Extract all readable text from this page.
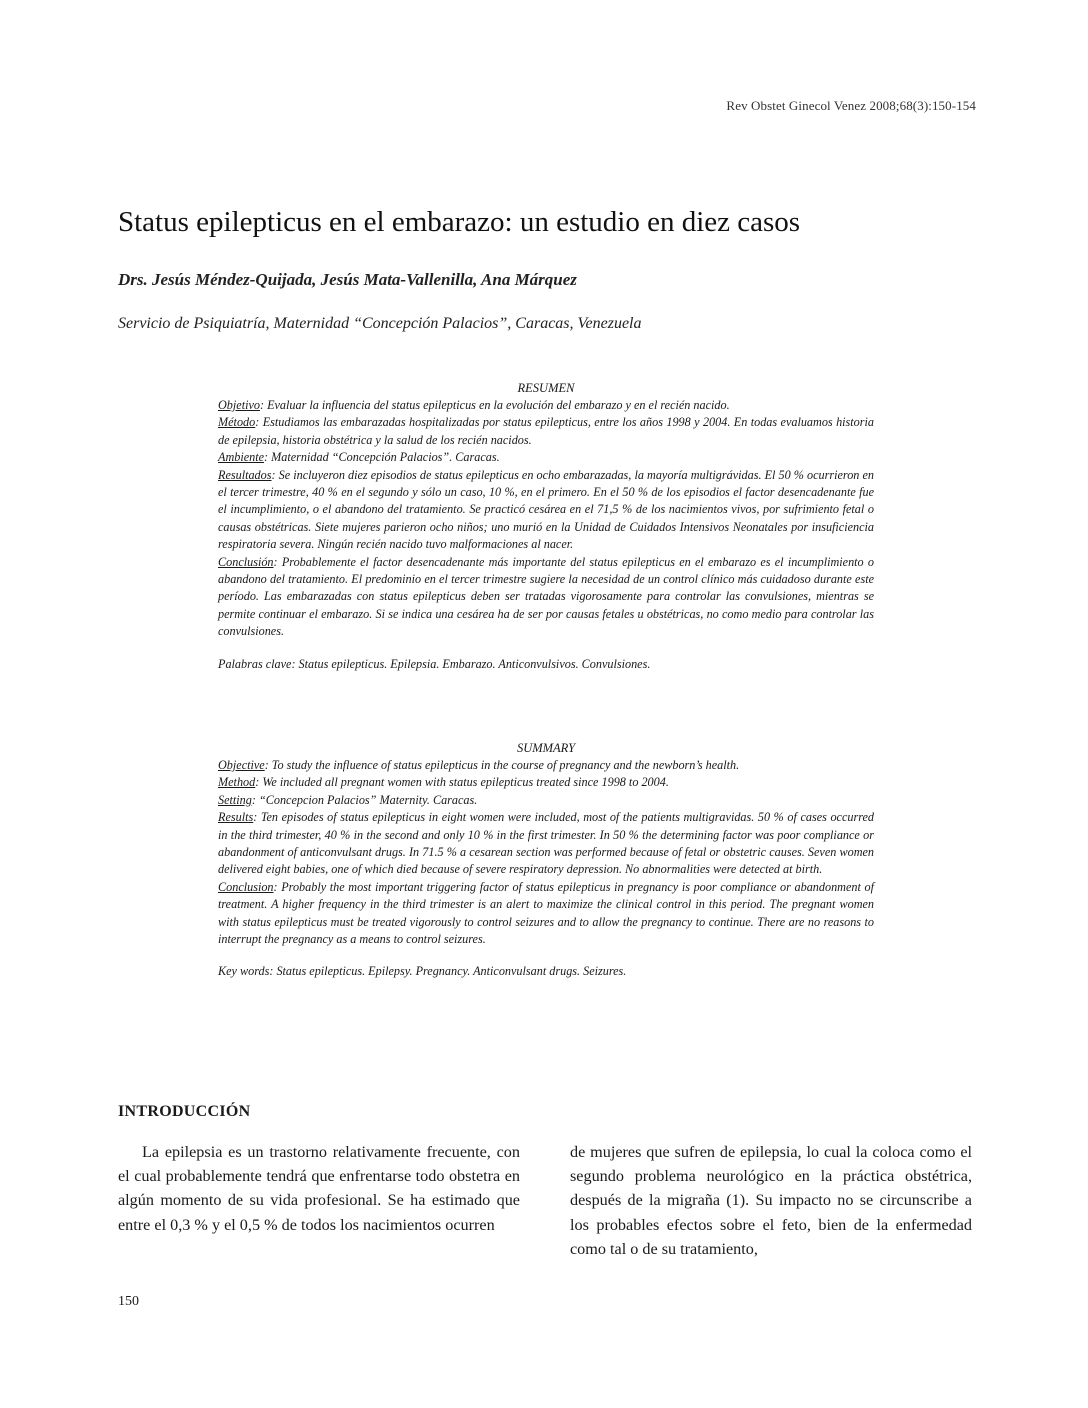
Rev Obstet Ginecol Venez 2008;68(3):150-154
Status epilepticus en el embarazo: un estudio en diez casos
Drs. Jesús Méndez-Quijada, Jesús Mata-Vallenilla, Ana Márquez
Servicio de Psiquiatría, Maternidad “Concepción Palacios”, Caracas, Venezuela

RESUMEN

Objetivo: Evaluar la influencia del status epilepticus en la evolución del embarazo y en el recién nacido.

Método: Estudiamos las embarazadas hospitalizadas por status epilepticus, entre los años 1998 y 2004. En todas evaluamos historia de epilepsia, historia obstétrica y la salud de los recién nacidos.

Ambiente: Maternidad “Concepción Palacios”. Caracas.

Resultados: Se incluyeron diez episodios de status epilepticus en ocho embarazadas, la mayoría multigrávidas. El 50 % ocurrieron en el tercer trimestre, 40 % en el segundo y sólo un caso, 10 %, en el primero. En el 50 % de los episodios el factor desencadenante fue el incumplimiento, o el abandono del tratamiento. Se practicó cesárea en el 71,5 % de los nacimientos vivos, por sufrimiento fetal o causas obstétricas. Siete mujeres parieron ocho niños; uno murió en la Unidad de Cuidados Intensivos Neonatales por insuficiencia respiratoria severa. Ningún recién nacido tuvo malformaciones al nacer.

Conclusión: Probablemente el factor desencadenante más importante del status epilepticus en el embarazo es el incumplimiento o abandono del tratamiento. El predominio en el tercer trimestre sugiere la necesidad de un control clínico más cuidadoso durante este período. Las embarazadas con status epilepticus deben ser tratadas vigorosamente para controlar las convulsiones, mientras se permite continuar el embarazo. Si se indica una cesárea ha de ser por causas fetales u obstétricas, no como medio para controlar las convulsiones.

Palabras clave: Status epilepticus. Epilepsia. Embarazo. Anticonvulsivos. Convulsiones.

SUMMARY

Objective: To study the influence of status epilepticus in the course of pregnancy and the newborn’s health.

Method: We included all pregnant women with status epilepticus treated since 1998 to 2004.

Setting: “Concepcion Palacios” Maternity. Caracas.

Results: Ten episodes of status epilepticus in eight women were included, most of the patients multigravidas. 50 % of cases occurred in the third trimester, 40 % in the second and only 10 % in the first trimester. In 50 % the determining factor was poor compliance or abandonment of anticonvulsant drugs. In 71.5 % a cesarean section was performed because of fetal or obstetric causes. Seven women delivered eight babies, one of which died because of severe respiratory depression. No abnormalities were detected at birth.

Conclusion: Probably the most important triggering factor of status epilepticus in pregnancy is poor compliance or abandonment of treatment. A higher frequency in the third trimester is an alert to maximize the clinical control in this period. The pregnant women with status epilepticus must be treated vigorously to control seizures and to allow the pregnancy to continue. There are no reasons to interrupt the pregnancy as a means to control seizures.

Key words: Status epilepticus. Epilepsy. Pregnancy. Anticonvulsant drugs. Seizures.

INTRODUCCIÓN

La epilepsia es un trastorno relativamente frecuente, con el cual probablemente tendrá que enfrentarse todo obstetra en algún momento de su vida profesional. Se ha estimado que entre el 0,3 % y el 0,5 % de todos los nacimientos ocurren

de mujeres que sufren de epilepsia, lo cual la coloca como el segundo problema neurológico en la práctica obstétrica, después de la migraña (1). Su impacto no se circunscribe a los probables efectos sobre el feto, bien de la enfermedad como tal o de su tratamiento,

150
